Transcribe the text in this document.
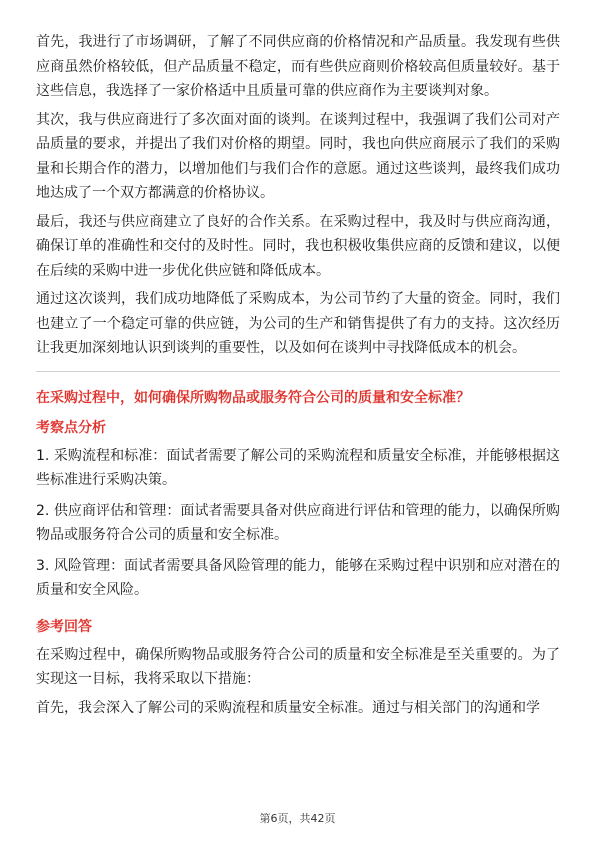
首先，我进行了市场调研，了解了不同供应商的价格情况和产品质量。我发现有些供应商虽然价格较低，但产品质量不稳定，而有些供应商则价格较高但质量较好。基于这些信息，我选择了一家价格适中且质量可靠的供应商作为主要谈判对象。

其次，我与供应商进行了多次面对面的谈判。在谈判过程中，我强调了我们公司对产品质量的要求，并提出了我们对价格的期望。同时，我也向供应商展示了我们的采购量和长期合作的潜力，以增加他们与我们合作的意愿。通过这些谈判，最终我们成功地达成了一个双方都满意的价格协议。

最后，我还与供应商建立了良好的合作关系。在采购过程中，我及时与供应商沟通，确保订单的准确性和交付的及时性。同时，我也积极收集供应商的反馈和建议，以便在后续的采购中进一步优化供应链和降低成本。

通过这次谈判，我们成功地降低了采购成本，为公司节约了大量的资金。同时，我们也建立了一个稳定可靠的供应链，为公司的生产和销售提供了有力的支持。这次经历让我更加深刻地认识到谈判的重要性，以及如何在谈判中寻找降低成本的机会。

在采购过程中，如何确保所购物品或服务符合公司的质量和安全标准？
考察点分析

1. 采购流程和标准：面试者需要了解公司的采购流程和质量安全标准，并能够根据这些标准进行采购决策。

2. 供应商评估和管理：面试者需要具备对供应商进行评估和管理的能力，以确保所购物品或服务符合公司的质量和安全标准。

3. 风险管理：面试者需要具备风险管理的能力，能够在采购过程中识别和应对潜在的质量和安全风险。

参考回答

在采购过程中，确保所购物品或服务符合公司的质量和安全标准是至关重要的。为了实现这一目标，我将采取以下措施：

首先，我会深入了解公司的采购流程和质量安全标准。通过与相关部门的沟通和学

第6页，共42页
